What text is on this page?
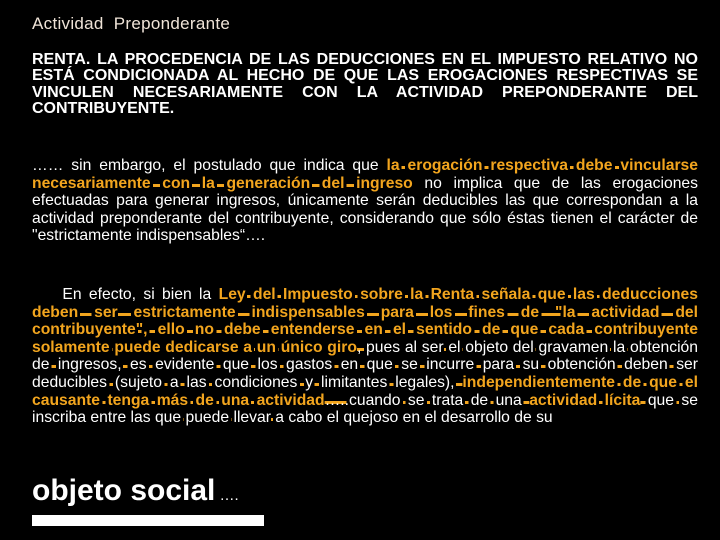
Actividad  Preponderante
RENTA. LA PROCEDENCIA DE LAS DEDUCCIONES EN EL IMPUESTO RELATIVO NO ESTÁ CONDICIONADA AL HECHO DE QUE LAS EROGACIONES RESPECTIVAS SE VINCULEN NECESARIAMENTE CON LA ACTIVIDAD PREPONDERANTE DEL CONTRIBUYENTE.
…… sin embargo, el postulado que indica que la erogación respectiva debe vincularse necesariamente con la generación del ingreso no implica que de las erogaciones efectuadas para generar ingresos, únicamente serán deducibles las que correspondan a la actividad preponderante del contribuyente, considerando que sólo éstas tienen el carácter de "estrictamente indispensables“….
   En efecto, si bien la Ley del Impuesto sobre la Renta señala que las deducciones deben ser estrictamente indispensables para los fines de "la actividad del contribuyente", ello no debe entenderse en el sentido de que cada contribuyente solamente puede dedicarse a un único giro, pues al ser el objeto del gravamen la obtención de ingresos, es evidente que los gastos en que se incurre para su obtención deben ser deducibles (sujeto a las condiciones y limitantes legales), independientemente de que el causante tenga más de una actividad…..cuando se trata de una actividad lícita que se inscriba entre las que puede llevar a cabo el quejoso en el desarrollo de su
objeto social ….
